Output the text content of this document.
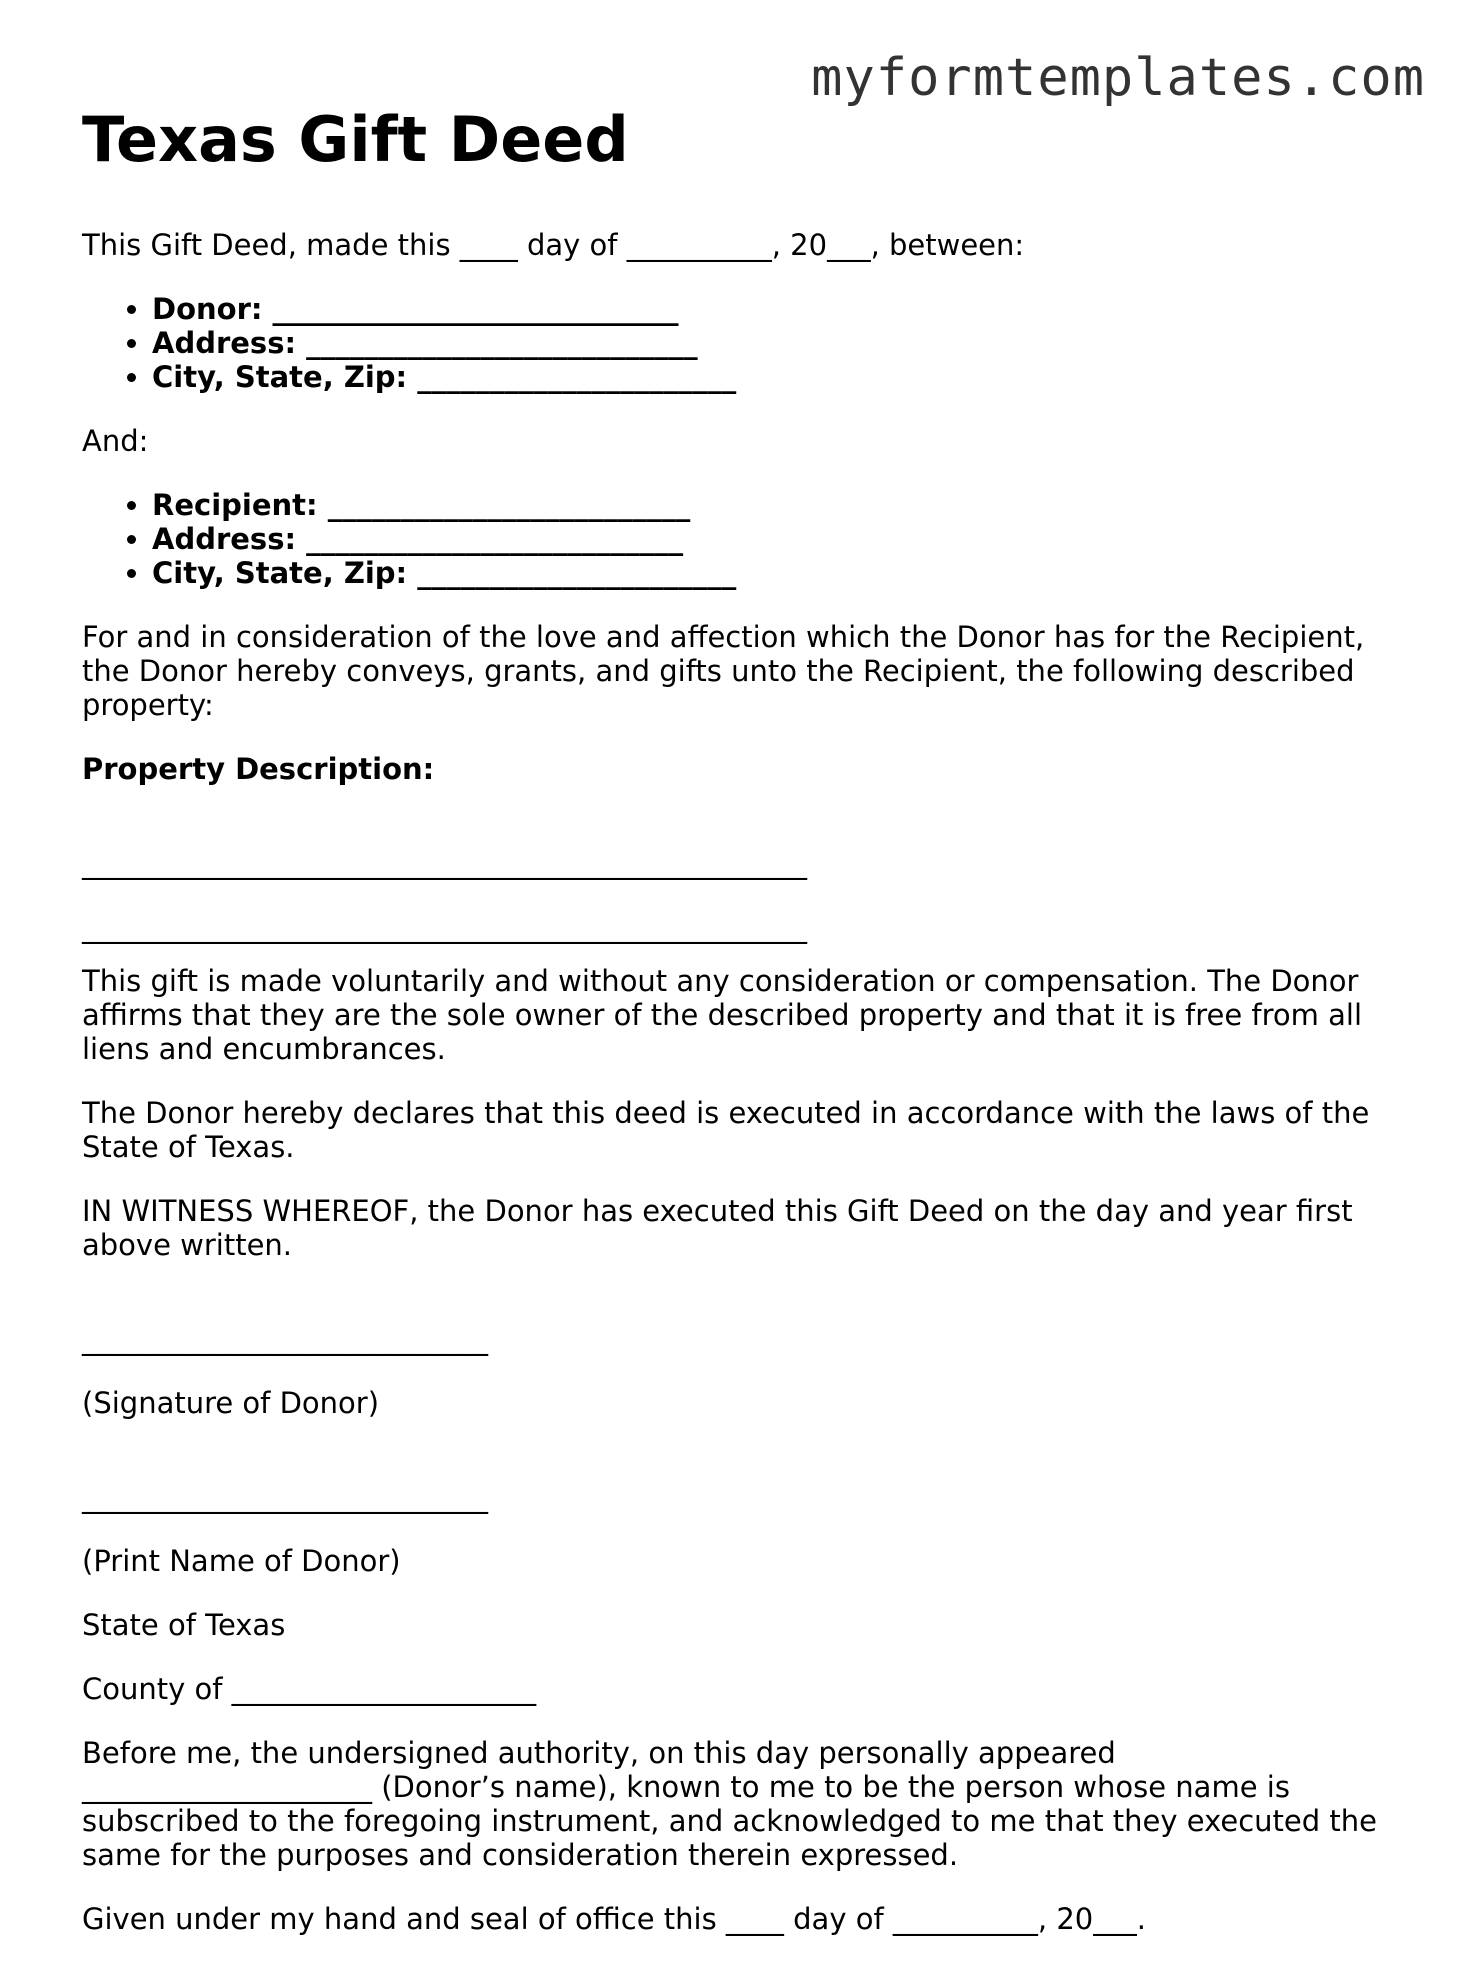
myformtemplates.com
Texas Gift Deed

This Gift Deed, made this ____ day of __________, 20___, between:

• Donor: ____________________________
• Address: ___________________________
• City, State, Zip: ______________________

And:

• Recipient: _________________________
• Address: __________________________
• City, State, Zip: ______________________

For and in consideration of the love and affection which the Donor has for the Recipient, the Donor hereby conveys, grants, and gifts unto the Recipient, the following described property:

Property Description:

__________________________________________________

__________________________________________________

This gift is made voluntarily and without any consideration or compensation. The Donor affirms that they are the sole owner of the described property and that it is free from all liens and encumbrances.

The Donor hereby declares that this deed is executed in accordance with the laws of the State of Texas.

IN WITNESS WHEREOF, the Donor has executed this Gift Deed on the day and year first above written.

____________________________

(Signature of Donor)

____________________________

(Print Name of Donor)

State of Texas

County of _____________________

Before me, the undersigned authority, on this day personally appeared ____________________ (Donor’s name), known to me to be the person whose name is subscribed to the foregoing instrument, and acknowledged to me that they executed the same for the purposes and consideration therein expressed.

Given under my hand and seal of office this ____ day of __________, 20___.
